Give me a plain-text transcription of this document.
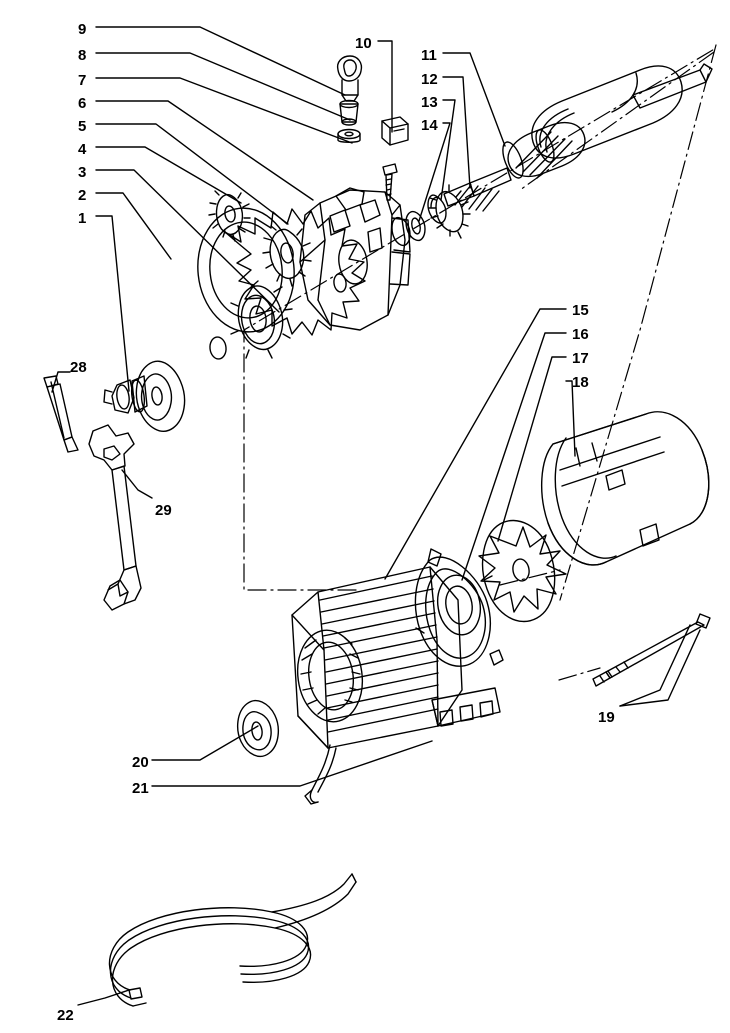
9
8
7
6
5
4
3
2
1
10
11
12
13
14
28
29
15
16
17
18
19
20
21
22
